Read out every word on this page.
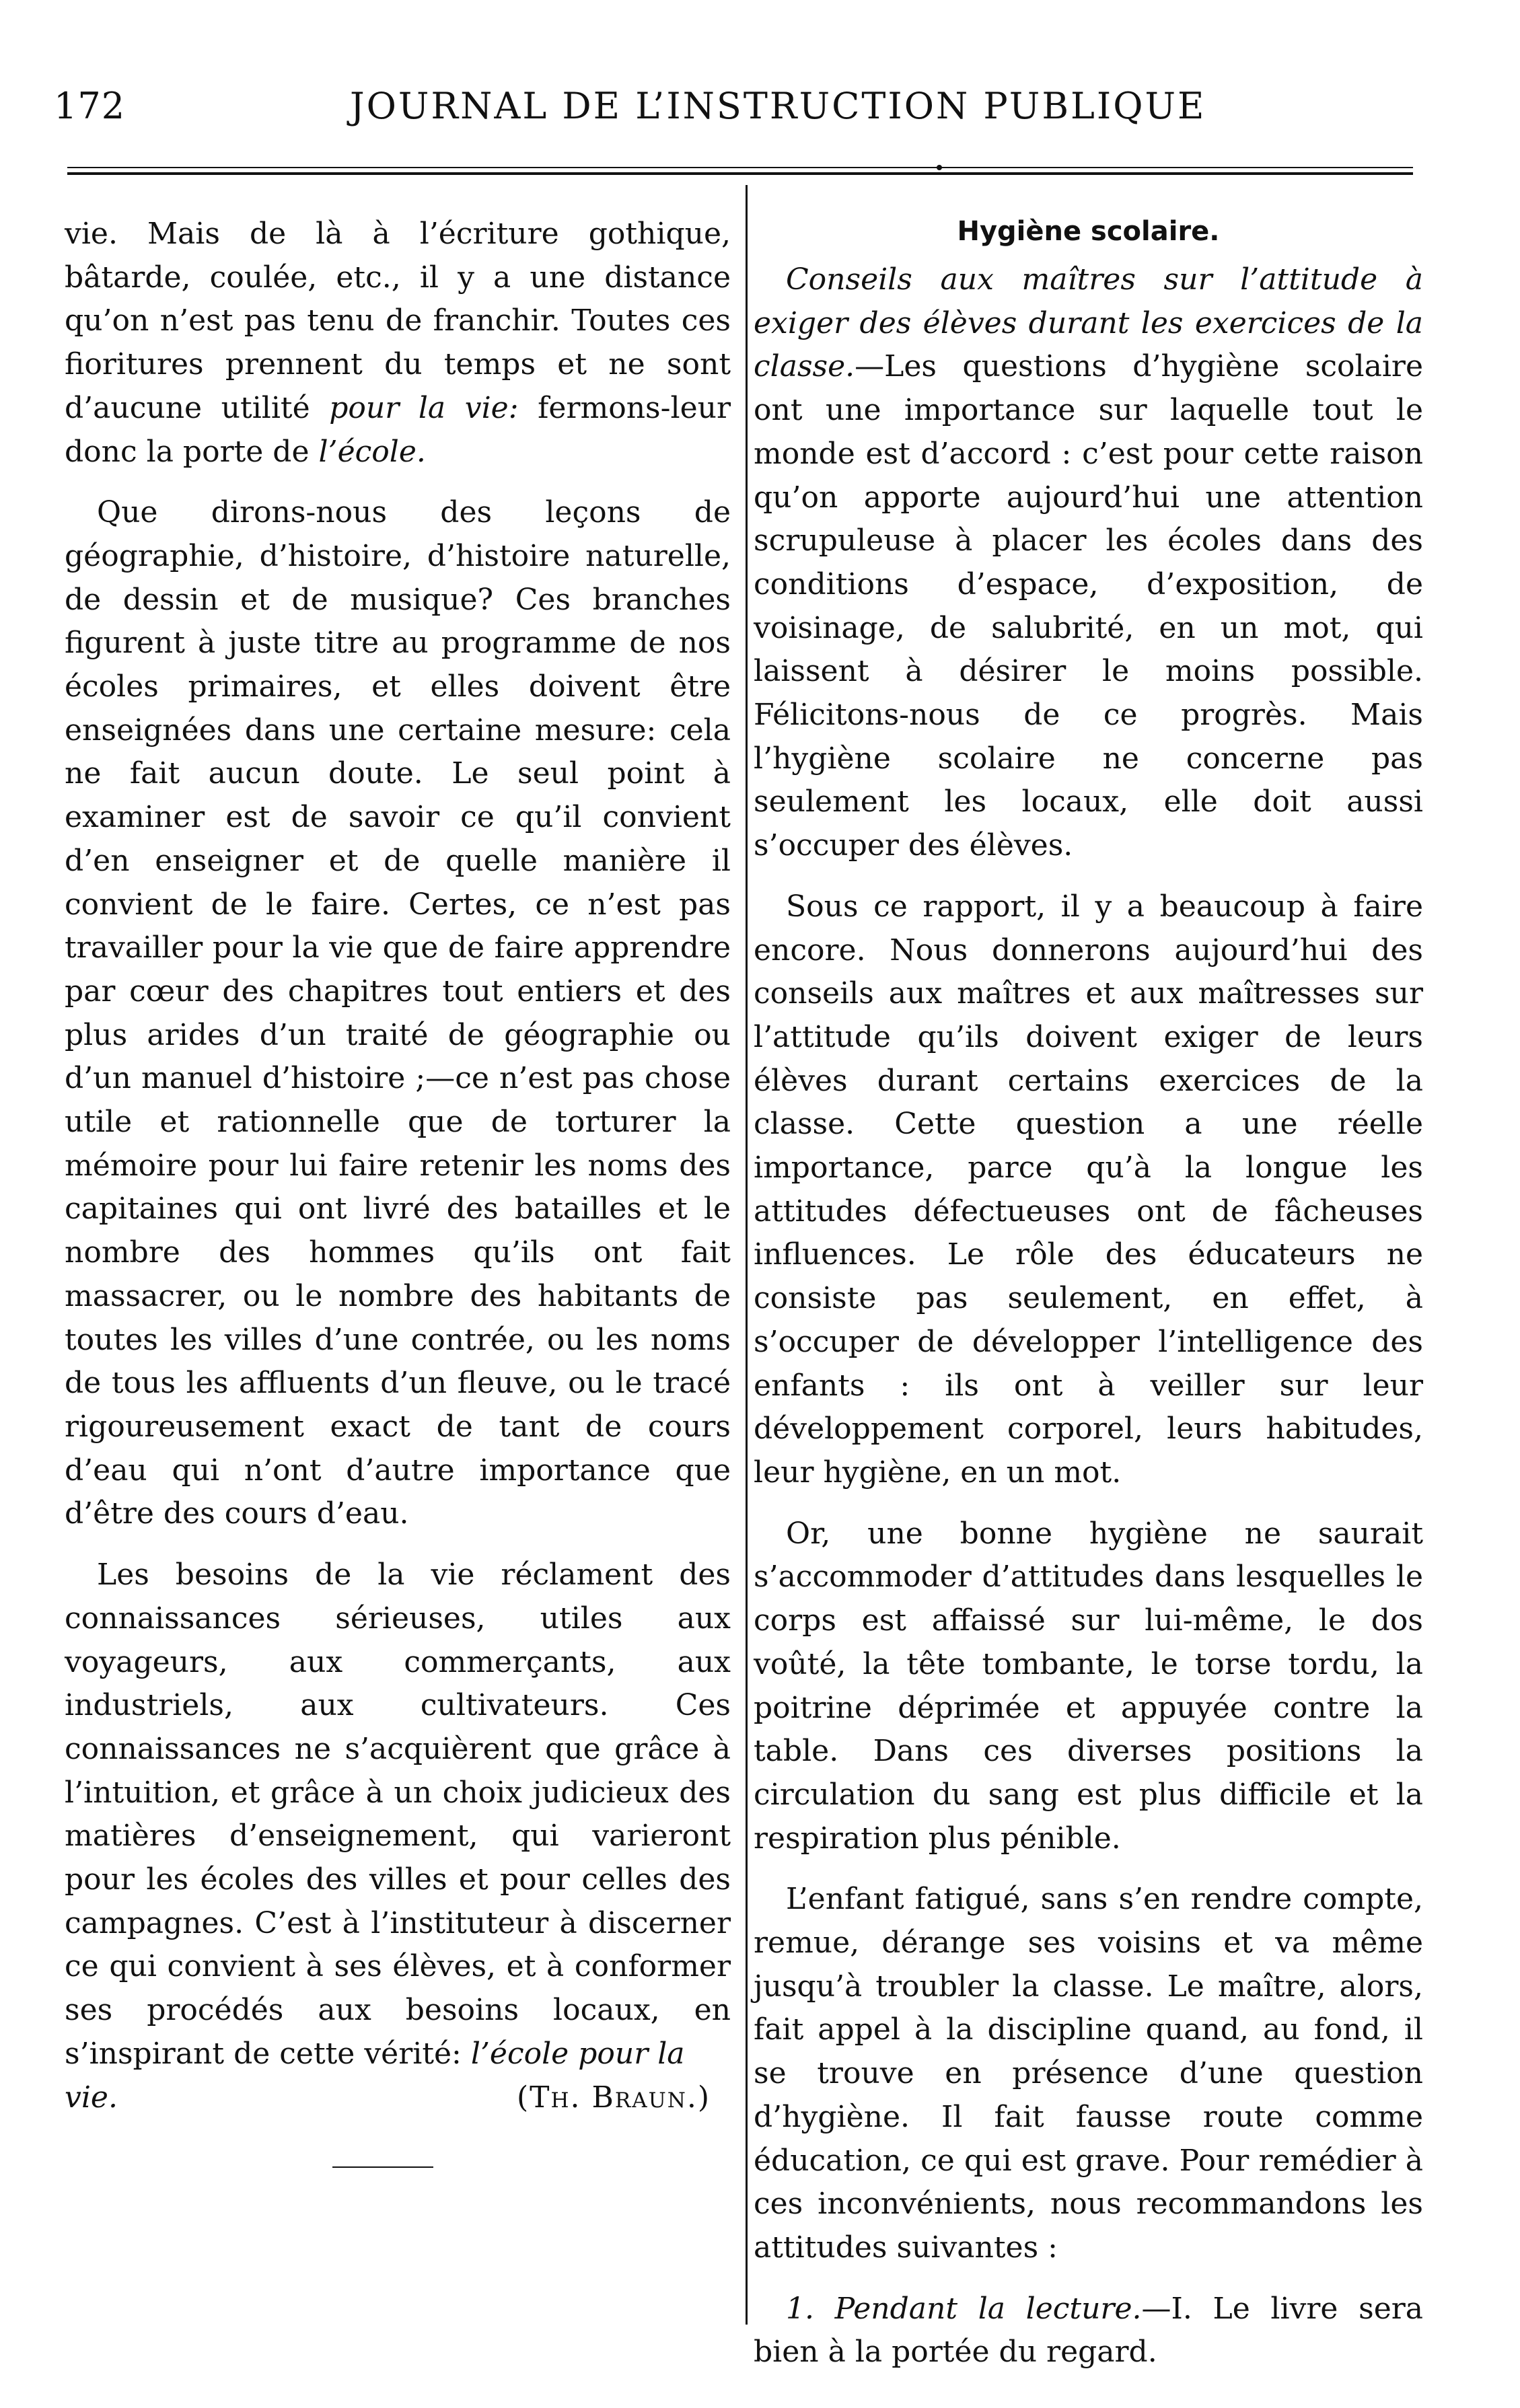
172	JOURNAL DE L’INSTRUCTION PUBLIQUE

vie. Mais de là à l’écriture gothique, bâtarde, coulée, etc., il y a une distance qu’on n’est pas tenu de franchir. Toutes ces fioritures prennent du temps et ne sont d’aucune utilité pour la vie: fermons-leur donc la porte de l’école.

Que dirons-nous des leçons de géographie, d’histoire, d’histoire naturelle, de dessin et de musique? Ces branches figurent à juste titre au programme de nos écoles primaires, et elles doivent être enseignées dans une certaine mesure: cela ne fait aucun doute. Le seul point à examiner est de savoir ce qu’il convient d’en enseigner et de quelle manière il convient de le faire. Certes, ce n’est pas travailler pour la vie que de faire apprendre par cœur des chapitres tout entiers et des plus arides d’un traité de géographie ou d’un manuel d’histoire ;—ce n’est pas chose utile et rationnelle que de torturer la mémoire pour lui faire retenir les noms des capitaines qui ont livré des batailles et le nombre des hommes qu’ils ont fait massacrer, ou le nombre des habitants de toutes les villes d’une contrée, ou les noms de tous les affluents d’un fleuve, ou le tracé rigoureusement exact de tant de cours d’eau qui n’ont d’autre importance que d’être des cours d’eau.

Les besoins de la vie réclament des connaissances sérieuses, utiles aux voyageurs, aux commerçants, aux industriels, aux cultivateurs. Ces connaissances ne s’acquièrent que grâce à l’intuition, et grâce à un choix judicieux des matières d’enseignement, qui varieront pour les écoles des villes et pour celles des campagnes. C’est à l’instituteur à discerner ce qui convient à ses élèves, et à conformer ses procédés aux besoins locaux, en s’inspirant de cette vérité: l’école pour la

vie.	(Th. Braun.)
Hygiène scolaire.

Conseils aux maîtres sur l’attitude à exiger des élèves durant les exercices de la classe.—Les questions d’hygiène scolaire ont une importance sur laquelle tout le monde est d’accord : c’est pour cette raison qu’on apporte aujourd’hui une attention scrupuleuse à placer les écoles dans des conditions d’espace, d’exposition, de voisinage, de salubrité, en un mot, qui laissent à désirer le moins possible. Félicitons-nous de ce progrès. Mais l’hygiène scolaire ne concerne pas seulement les locaux, elle doit aussi s’occuper des élèves.

Sous ce rapport, il y a beaucoup à faire encore. Nous donnerons aujourd’hui des conseils aux maîtres et aux maîtresses sur l’attitude qu’ils doivent exiger de leurs élèves durant certains exercices de la classe. Cette question a une réelle importance, parce qu’à la longue les attitudes défectueuses ont de fâcheuses influences. Le rôle des éducateurs ne consiste pas seulement, en effet, à s’occuper de développer l’intelligence des enfants : ils ont à veiller sur leur développement corporel, leurs habitudes, leur hygiène, en un mot.

Or, une bonne hygiène ne saurait s’accommoder d’attitudes dans lesquelles le corps est affaissé sur lui-même, le dos voûté, la tête tombante, le torse tordu, la poitrine déprimée et appuyée contre la table. Dans ces diverses positions la circulation du sang est plus difficile et la respiration plus pénible.

L’enfant fatigué, sans s’en rendre compte, remue, dérange ses voisins et va même jusqu’à troubler la classe. Le maître, alors, fait appel à la discipline quand, au fond, il se trouve en présence d’une question d’hygiène. Il fait fausse route comme éducation, ce qui est grave. Pour remédier à ces inconvénients, nous recommandons les attitudes suivantes :

1. Pendant la lecture.—I. Le livre sera bien à la portée du regard.
